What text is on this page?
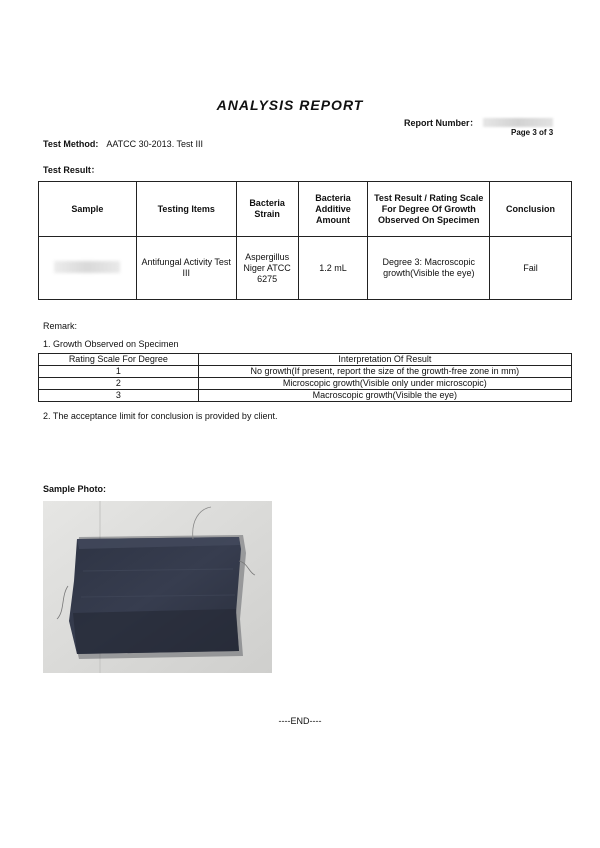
ANALYSIS REPORT
Report Number：
Page 3 of 3
Test Method: AATCC 30-2013. Test III
Test Result：
Sample	Testing Items	Bacteria Strain	Bacteria Additive Amount	Test Result / Rating Scale For Degree Of Growth Observed On Specimen	Conclusion
	Antifungal Activity Test III	Aspergillus Niger ATCC 6275	1.2 mL	Degree 3: Macroscopic growth(Visible the eye)	Fail
Remark:
1. Growth Observed on Specimen
Rating Scale For Degree	Interpretation Of Result
1	No growth(If present, report the size of the growth-free zone in mm)
2	Microscopic growth(Visible only under microscopic)
3	Macroscopic growth(Visible the eye)
2. The acceptance limit for conclusion is provided by client.
Sample Photo:
----END----
